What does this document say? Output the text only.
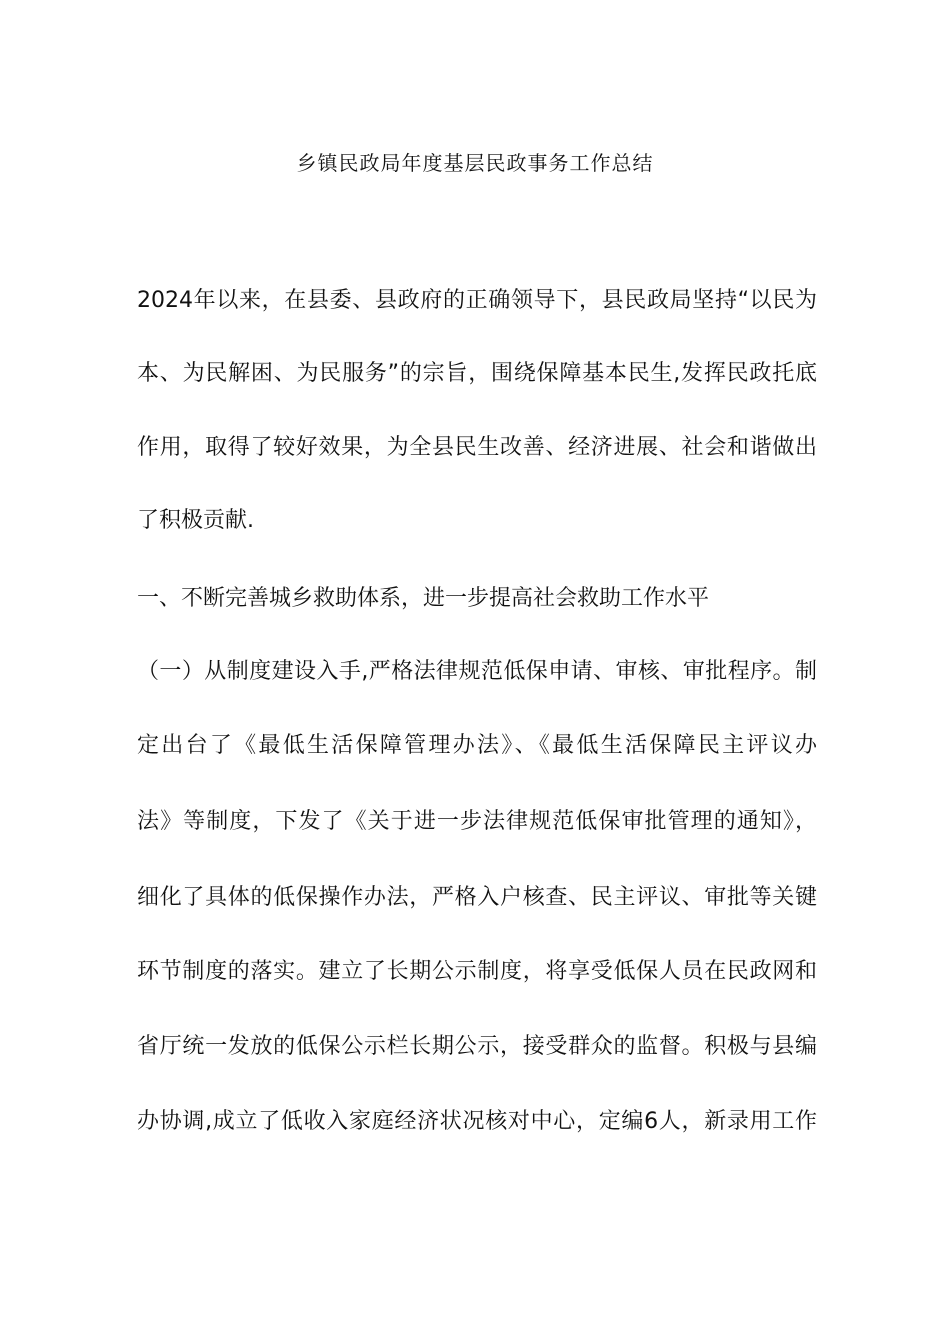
乡镇民政局年度基层民政事务工作总结
2024年以来，在县委、县政府的正确领导下，县民政局坚持“以民为
本、为民解困、为民服务”的宗旨，围绕保障基本民生,发挥民政托底
作用，取得了较好效果，为全县民生改善、经济进展、社会和谐做出
了积极贡献.
一、不断完善城乡救助体系，进一步提高社会救助工作水平
（一）从制度建设入手,严格法律规范低保申请、审核、审批程序。制
定出台了《最低生活保障管理办法》、《最低生活保障民主评议办
法》等制度，下发了《关于进一步法律规范低保审批管理的通知》，
细化了具体的低保操作办法，严格入户核查、民主评议、审批等关键
环节制度的落实。建立了长期公示制度，将享受低保人员在民政网和
省厅统一发放的低保公示栏长期公示，接受群众的监督。积极与县编
办协调,成立了低收入家庭经济状况核对中心，定编6人，新录用工作
